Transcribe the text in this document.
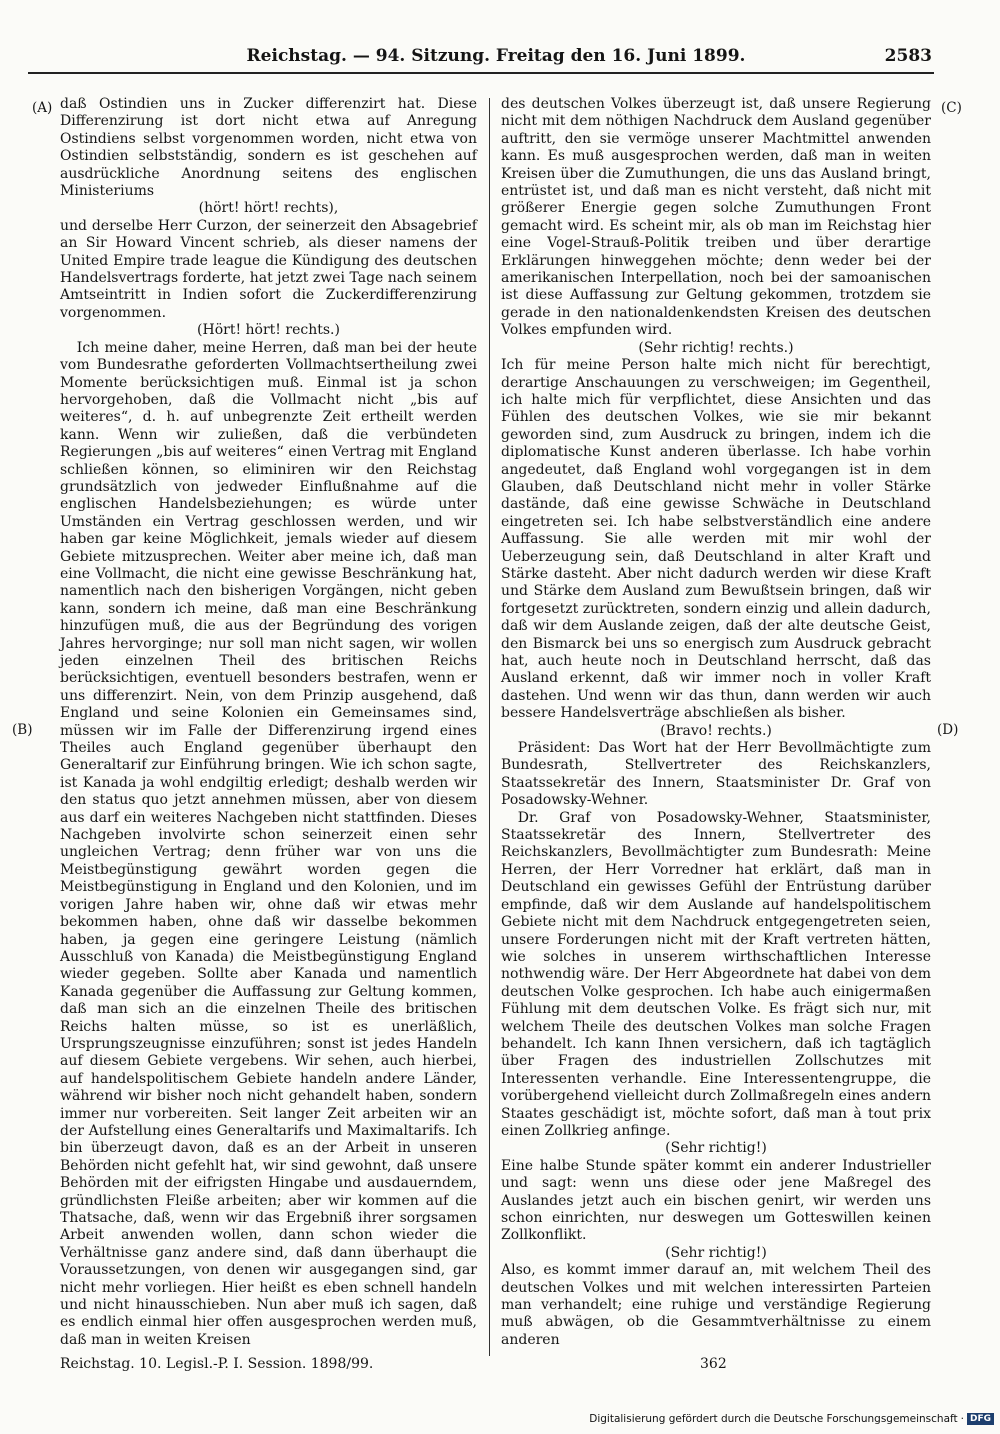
Reichstag. — 94. Sitzung. Freitag den 16. Juni 1899.	2583
(A)
(B)
(C)
(D)

daß Ostindien uns in Zucker differenzirt hat. Diese Differenzirung ist dort nicht etwa auf Anregung Ostindiens selbst vorgenommen worden, nicht etwa von Ostindien selbstständig, sondern es ist geschehen auf ausdrückliche Anordnung seitens des englischen Ministeriums

(hört! hört! rechts),

und derselbe Herr Curzon, der seinerzeit den Absagebrief an Sir Howard Vincent schrieb, als dieser namens der United Empire trade league die Kündigung des deutschen Handelsvertrags forderte, hat jetzt zwei Tage nach seinem Amtseintritt in Indien sofort die Zuckerdifferenzirung vorgenommen.

(Hört! hört! rechts.)

Ich meine daher, meine Herren, daß man bei der heute vom Bundesrathe geforderten Vollmachtsertheilung zwei Momente berücksichtigen muß. Einmal ist ja schon hervorgehoben, daß die Vollmacht nicht „bis auf weiteres“, d. h. auf unbegrenzte Zeit ertheilt werden kann. Wenn wir zuließen, daß die verbündeten Regierungen „bis auf weiteres“ einen Vertrag mit England schließen können, so eliminiren wir den Reichstag grundsätzlich von jedweder Einflußnahme auf die englischen Handelsbeziehungen; es würde unter Umständen ein Vertrag geschlossen werden, und wir haben gar keine Möglichkeit, jemals wieder auf diesem Gebiete mitzusprechen. Weiter aber meine ich, daß man eine Vollmacht, die nicht eine gewisse Beschränkung hat, namentlich nach den bisherigen Vorgängen, nicht geben kann, sondern ich meine, daß man eine Beschränkung hinzufügen muß, die aus der Begründung des vorigen Jahres hervorginge; nur soll man nicht sagen, wir wollen jeden einzelnen Theil des britischen Reichs berücksichtigen, eventuell besonders bestrafen, wenn er uns differenzirt. Nein, von dem Prinzip ausgehend, daß England und seine Kolonien ein Gemeinsames sind, müssen wir im Falle der Differenzirung irgend eines Theiles auch England gegenüber überhaupt den Generaltarif zur Einführung bringen. Wie ich schon sagte, ist Kanada ja wohl endgiltig erledigt; deshalb werden wir den status quo jetzt annehmen müssen, aber von diesem aus darf ein weiteres Nachgeben nicht stattfinden. Dieses Nachgeben involvirte schon seinerzeit einen sehr ungleichen Vertrag; denn früher war von uns die Meistbegünstigung gewährt worden gegen die Meistbegünstigung in England und den Kolonien, und im vorigen Jahre haben wir, ohne daß wir etwas mehr bekommen haben, ohne daß wir dasselbe bekommen haben, ja gegen eine geringere Leistung (nämlich Ausschluß von Kanada) die Meistbegünstigung England wieder gegeben. Sollte aber Kanada und namentlich Kanada gegenüber die Auffassung zur Geltung kommen, daß man sich an die einzelnen Theile des britischen Reichs halten müsse, so ist es unerläßlich, Ursprungszeugnisse einzuführen; sonst ist jedes Handeln auf diesem Gebiete vergebens. Wir sehen, auch hierbei, auf handelspolitischem Gebiete handeln andere Länder, während wir bisher noch nicht gehandelt haben, sondern immer nur vorbereiten. Seit langer Zeit arbeiten wir an der Aufstellung eines Generaltarifs und Maximaltarifs. Ich bin überzeugt davon, daß es an der Arbeit in unseren Behörden nicht gefehlt hat, wir sind gewohnt, daß unsere Behörden mit der eifrigsten Hingabe und ausdauerndem, gründlichsten Fleiße arbeiten; aber wir kommen auf die Thatsache, daß, wenn wir das Ergebniß ihrer sorgsamen Arbeit anwenden wollen, dann schon wieder die Verhältnisse ganz andere sind, daß dann überhaupt die Voraussetzungen, von denen wir ausgegangen sind, gar nicht mehr vorliegen. Hier heißt es eben schnell handeln und nicht hinausschieben. Nun aber muß ich sagen, daß es endlich einmal hier offen ausgesprochen werden muß, daß man in weiten Kreisen

des deutschen Volkes überzeugt ist, daß unsere Regierung nicht mit dem nöthigen Nachdruck dem Ausland gegenüber auftritt, den sie vermöge unserer Machtmittel anwenden kann. Es muß ausgesprochen werden, daß man in weiten Kreisen über die Zumuthungen, die uns das Ausland bringt, entrüstet ist, und daß man es nicht versteht, daß nicht mit größerer Energie gegen solche Zumuthungen Front gemacht wird. Es scheint mir, als ob man im Reichstag hier eine Vogel-Strauß-Politik treiben und über derartige Erklärungen hinweggehen möchte; denn weder bei der amerikanischen Interpellation, noch bei der samoanischen ist diese Auffassung zur Geltung gekommen, trotzdem sie gerade in den nationaldenkendsten Kreisen des deutschen Volkes empfunden wird.

(Sehr richtig! rechts.)

Ich für meine Person halte mich nicht für berechtigt, derartige Anschauungen zu verschweigen; im Gegentheil, ich halte mich für verpflichtet, diese Ansichten und das Fühlen des deutschen Volkes, wie sie mir bekannt geworden sind, zum Ausdruck zu bringen, indem ich die diplomatische Kunst anderen überlasse. Ich habe vorhin angedeutet, daß England wohl vorgegangen ist in dem Glauben, daß Deutschland nicht mehr in voller Stärke dastände, daß eine gewisse Schwäche in Deutschland eingetreten sei. Ich habe selbstverständlich eine andere Auffassung. Sie alle werden mit mir wohl der Ueberzeugung sein, daß Deutschland in alter Kraft und Stärke dasteht. Aber nicht dadurch werden wir diese Kraft und Stärke dem Ausland zum Bewußtsein bringen, daß wir fortgesetzt zurücktreten, sondern einzig und allein dadurch, daß wir dem Auslande zeigen, daß der alte deutsche Geist, den Bismarck bei uns so energisch zum Ausdruck gebracht hat, auch heute noch in Deutschland herrscht, daß das Ausland erkennt, daß wir immer noch in voller Kraft dastehen. Und wenn wir das thun, dann werden wir auch bessere Handelsverträge abschließen als bisher.

(Bravo! rechts.)

Präsident: Das Wort hat der Herr Bevollmächtigte zum Bundesrath, Stellvertreter des Reichskanzlers, Staatssekretär des Innern, Staatsminister Dr. Graf von Posadowsky-Wehner.

Dr. Graf von Posadowsky-Wehner, Staatsminister, Staatssekretär des Innern, Stellvertreter des Reichskanzlers, Bevollmächtigter zum Bundesrath: Meine Herren, der Herr Vorredner hat erklärt, daß man in Deutschland ein gewisses Gefühl der Entrüstung darüber empfinde, daß wir dem Auslande auf handelspolitischem Gebiete nicht mit dem Nachdruck entgegengetreten seien, unsere Forderungen nicht mit der Kraft vertreten hätten, wie solches in unserem wirthschaftlichen Interesse nothwendig wäre. Der Herr Abgeordnete hat dabei von dem deutschen Volke gesprochen. Ich habe auch einigermaßen Fühlung mit dem deutschen Volke. Es frägt sich nur, mit welchem Theile des deutschen Volkes man solche Fragen behandelt. Ich kann Ihnen versichern, daß ich tagtäglich über Fragen des industriellen Zollschutzes mit Interessenten verhandle. Eine Interessentengruppe, die vorübergehend vielleicht durch Zollmaßregeln eines andern Staates geschädigt ist, möchte sofort, daß man à tout prix einen Zollkrieg anfinge.

(Sehr richtig!)

Eine halbe Stunde später kommt ein anderer Industrieller und sagt: wenn uns diese oder jene Maßregel des Auslandes jetzt auch ein bischen genirt, wir werden uns schon einrichten, nur deswegen um Gotteswillen keinen Zollkonflikt.

(Sehr richtig!)

Also, es kommt immer darauf an, mit welchem Theil des deutschen Volkes und mit welchen interessirten Parteien man verhandelt; eine ruhige und verständige Regierung muß abwägen, ob die Gesammtverhältnisse zu einem anderen

Reichstag. 10. Legisl.-P. I. Session. 1898/99.	362
Digitalisierung gefördert durch die Deutsche Forschungsgemeinschaft · DFG
